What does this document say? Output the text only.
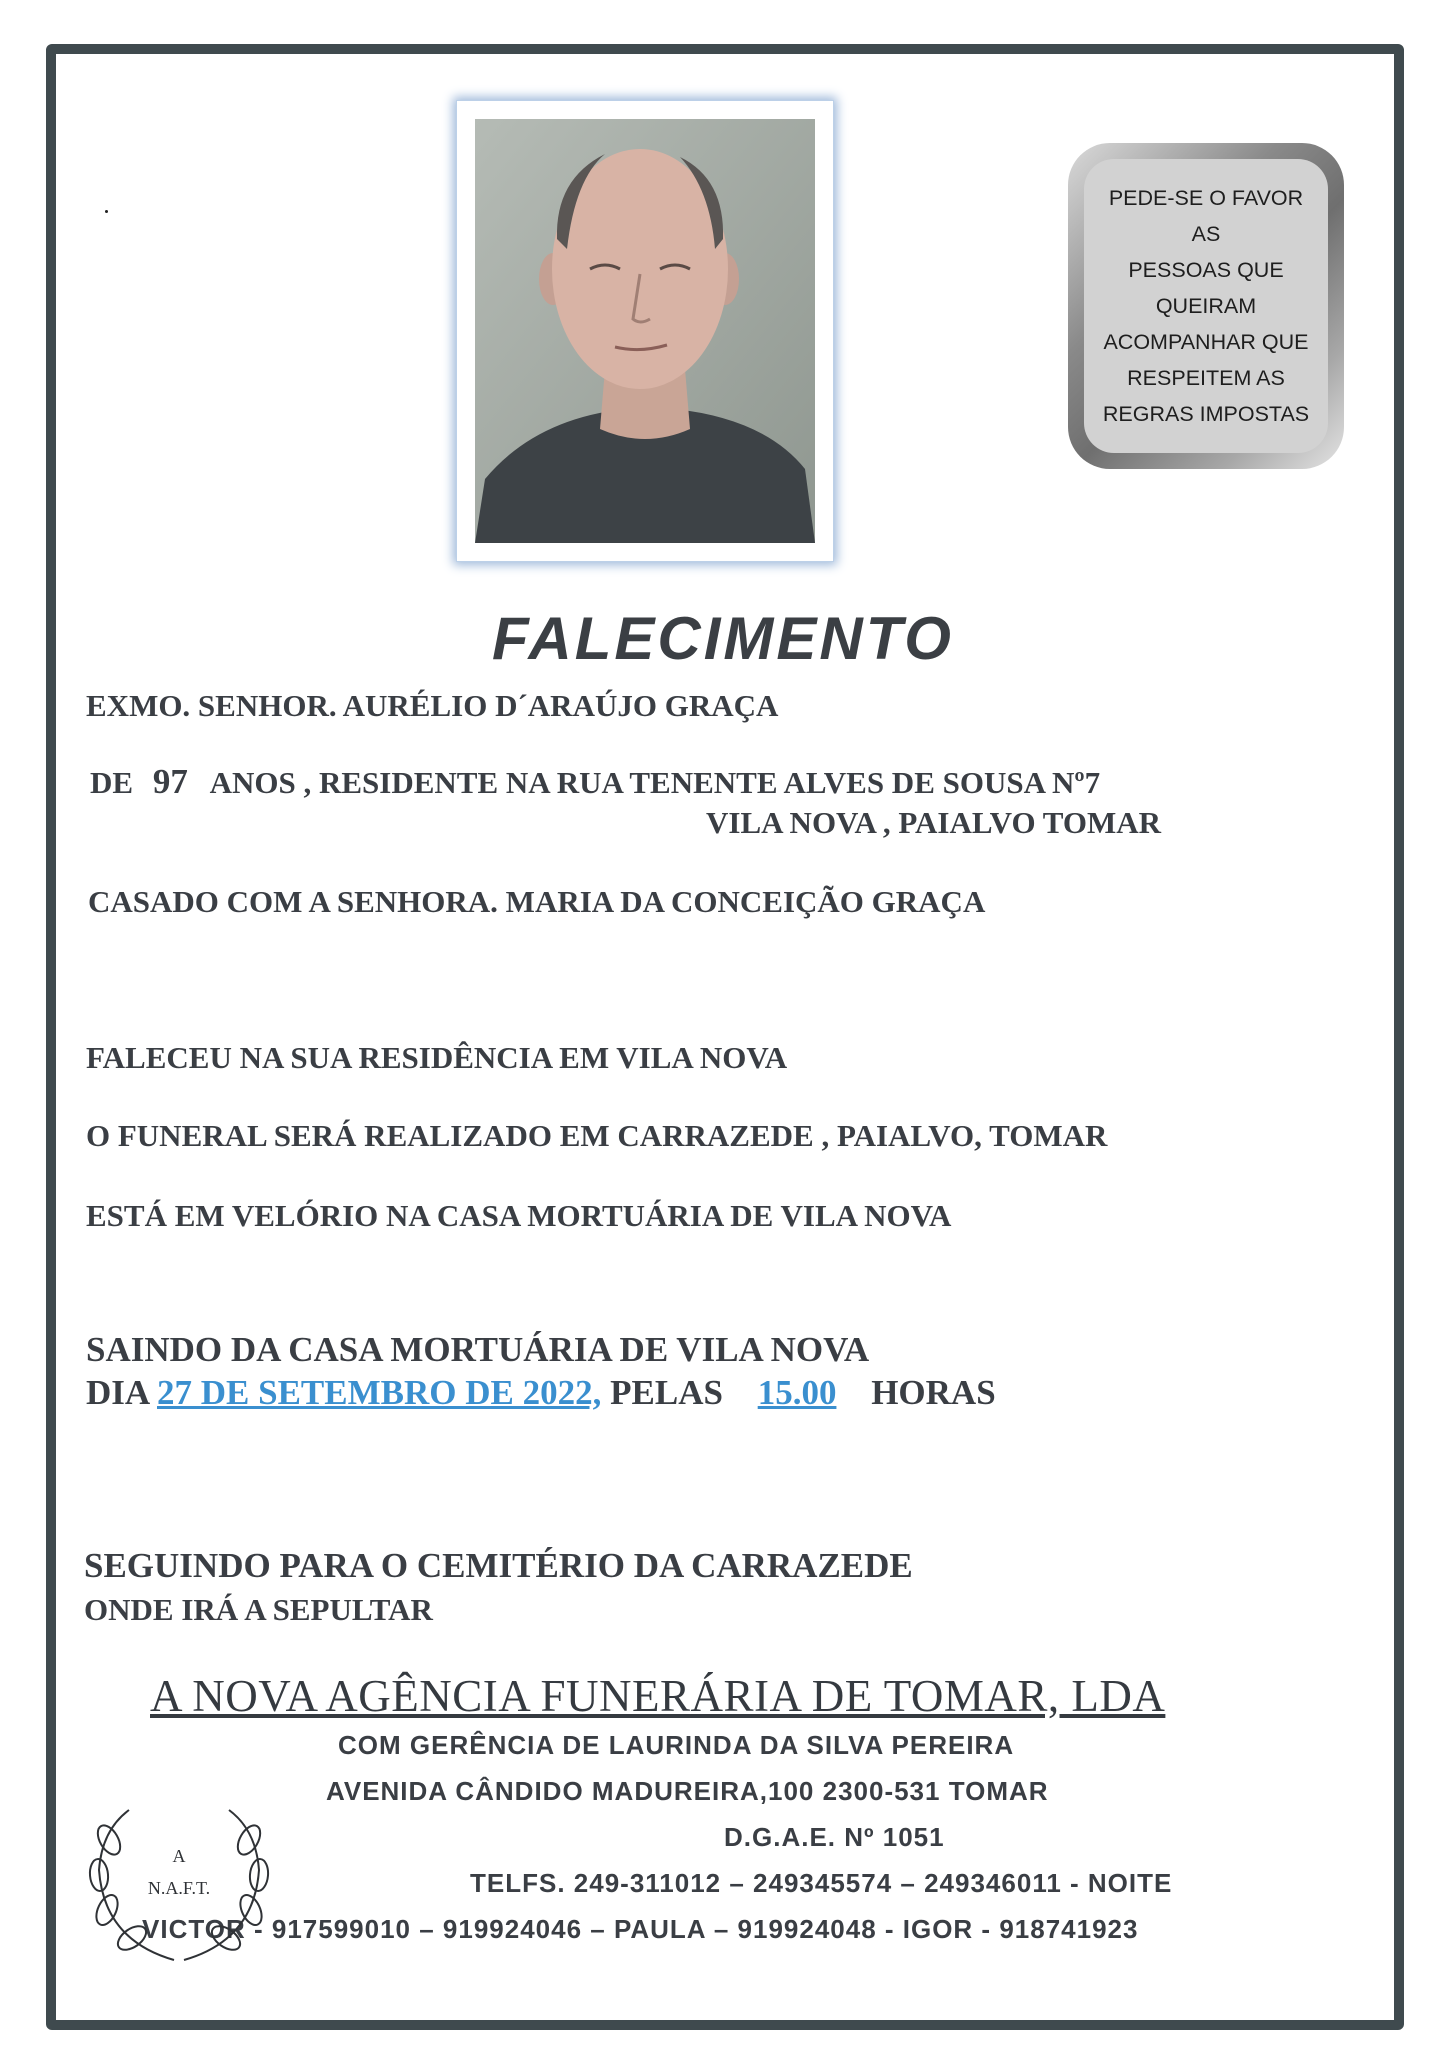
PEDE-SE O FAVOR AS
PESSOAS QUE
QUEIRAM
ACOMPANHAR QUE
RESPEITEM AS
REGRAS IMPOSTAS
FALECIMENTO
EXMO. SENHOR. AURÉLIO D´ARAÚJO GRAÇA
DE 97 ANOS , RESIDENTE NA RUA TENENTE ALVES DE SOUSA Nº7
VILA NOVA , PAIALVO TOMAR
CASADO COM A SENHORA. MARIA DA CONCEIÇÃO GRAÇA
FALECEU NA SUA RESIDÊNCIA EM VILA NOVA
O FUNERAL SERÁ REALIZADO EM CARRAZEDE , PAIALVO, TOMAR
ESTÁ EM VELÓRIO NA CASA MORTUÁRIA DE VILA NOVA
SAINDO DA CASA MORTUÁRIA DE VILA NOVA
DIA 27 DE SETEMBRO DE 2022, PELAS 15.00 HORAS
SEGUINDO PARA O CEMITÉRIO DA CARRAZEDE
ONDE IRÁ A SEPULTAR
A NOVA AGÊNCIA FUNERÁRIA DE TOMAR, LDA
COM GERÊNCIA DE LAURINDA DA SILVA PEREIRA
AVENIDA CÂNDIDO MADUREIRA,100 2300-531 TOMAR
D.G.A.E. Nº 1051
TELFS. 249-311012 – 249345574 – 249346011 - NOITE
VICTOR - 917599010 – 919924046 – PAULA – 919924048 - IGOR - 918741923
A
N.A.F.T.
